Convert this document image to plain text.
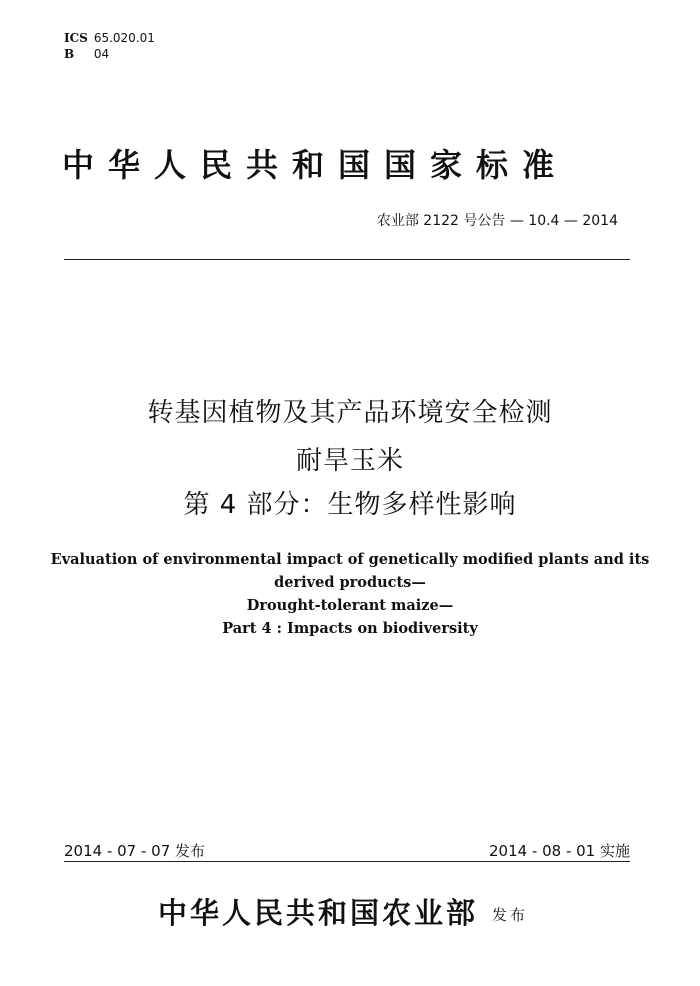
ICS 65.020.01
B 04
中华人民共和国国家标准
农业部 2122 号公告 — 10.4 — 2014
转基因植物及其产品环境安全检测
耐旱玉米
第 4 部分：生物多样性影响
Evaluation of environmental impact of genetically modified plants and its
derived products—
Drought-tolerant maize—
Part 4 : Impacts on biodiversity
2014 - 07 - 07 发布	2014 - 08 - 01 实施
中华人民共和国农业部 发布
